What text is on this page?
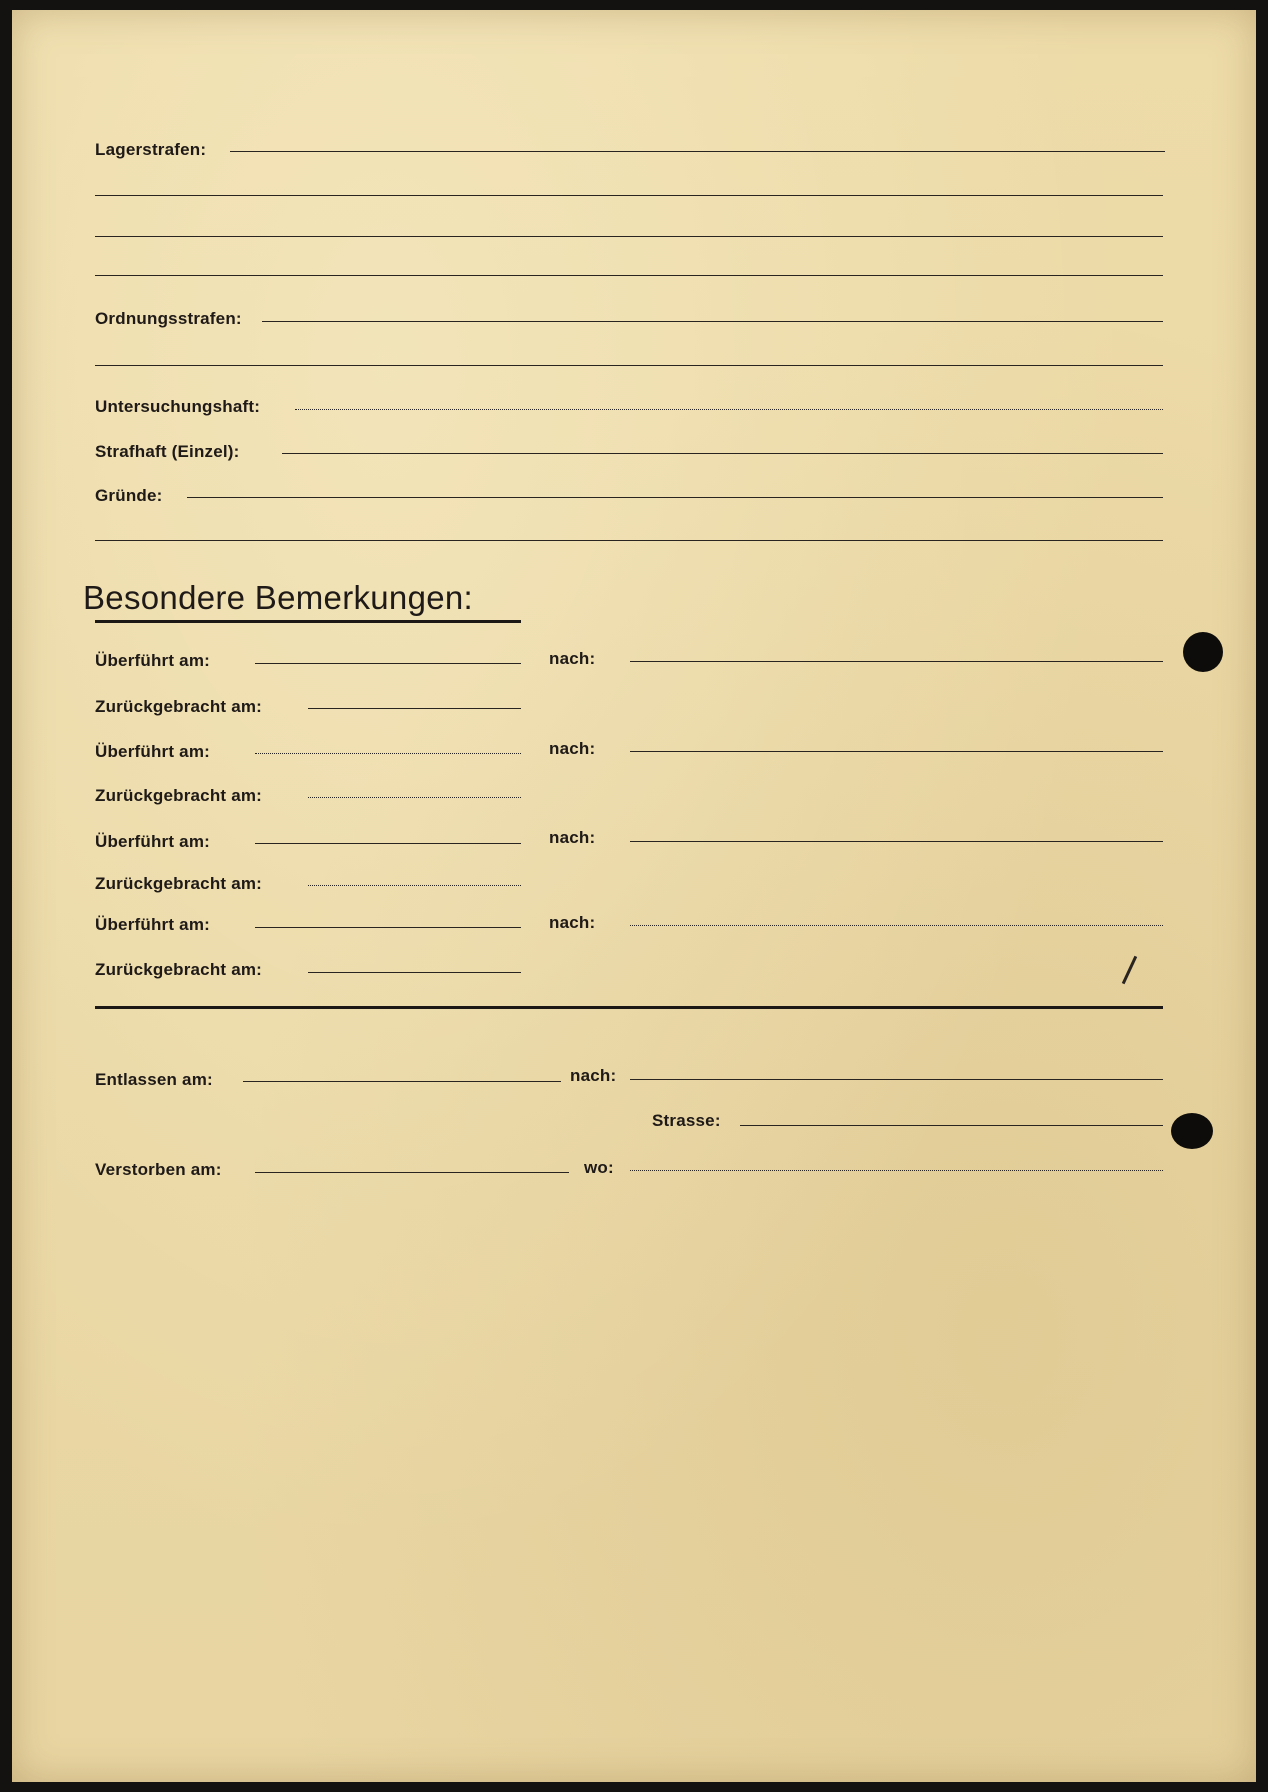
Lagerstrafen:
Ordnungsstrafen:
Untersuchungshaft:
Strafhaft (Einzel):
Gründe:
Besondere Bemerkungen:
Überführt am:	nach:
Zurückgebracht am:
Überführt am:	nach:
Zurückgebracht am:
Überführt am:	nach:
Zurückgebracht am:
Überführt am:	nach:
Zurückgebracht am:
Entlassen am:	nach:
Strasse:
Verstorben am:	wo:
